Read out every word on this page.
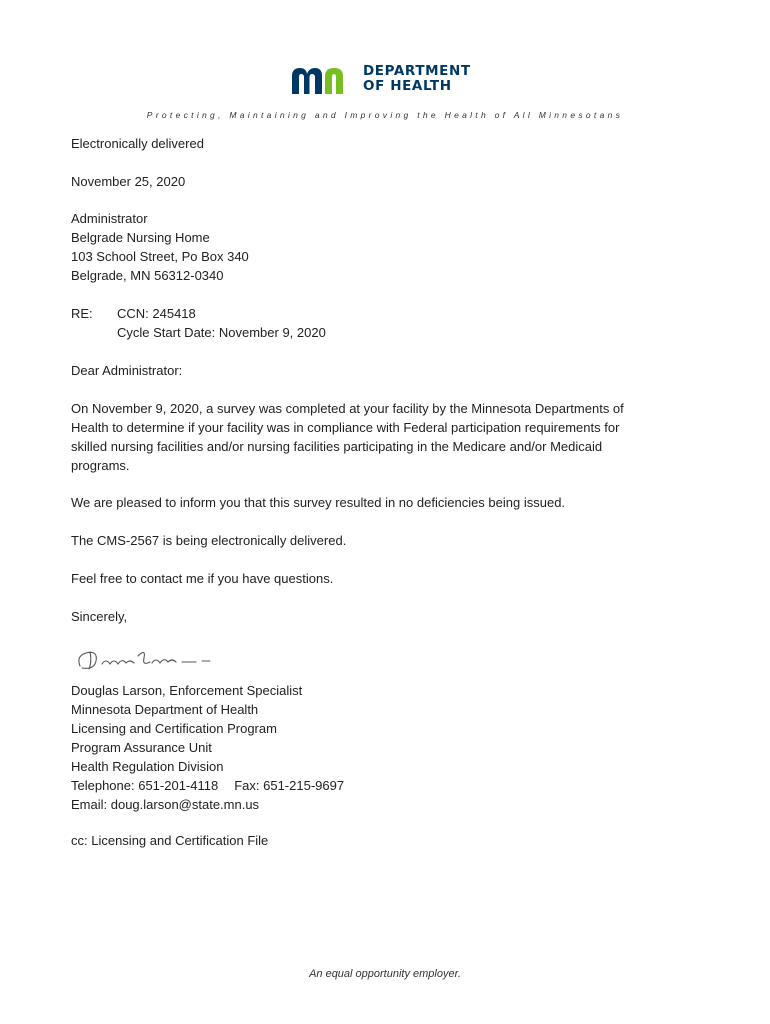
DEPARTMENT
OF HEALTH
Protecting, Maintaining and Improving the Health of All Minnesotans
Electronically delivered
November 25, 2020
Administrator
Belgrade Nursing Home
103 School Street, Po Box 340
Belgrade, MN 56312-0340
RE: CCN: 245418
Cycle Start Date: November 9, 2020
Dear Administrator:
On November 9, 2020, a survey was completed at your facility by the Minnesota Departments of
Health to determine if your facility was in compliance with Federal participation requirements for
skilled nursing facilities and/or nursing facilities participating in the Medicare and/or Medicaid
programs.
We are pleased to inform you that this survey resulted in no deficiencies being issued.
The CMS-2567 is being electronically delivered.
Feel free to contact me if you have questions.
Sincerely,
Douglas Larson, Enforcement Specialist
Minnesota Department of Health
Licensing and Certification Program
Program Assurance Unit
Health Regulation Division
Telephone: 651-201-4118 Fax: 651-215-9697
Email: doug.larson@state.mn.us
cc: Licensing and Certification File
An equal opportunity employer.
